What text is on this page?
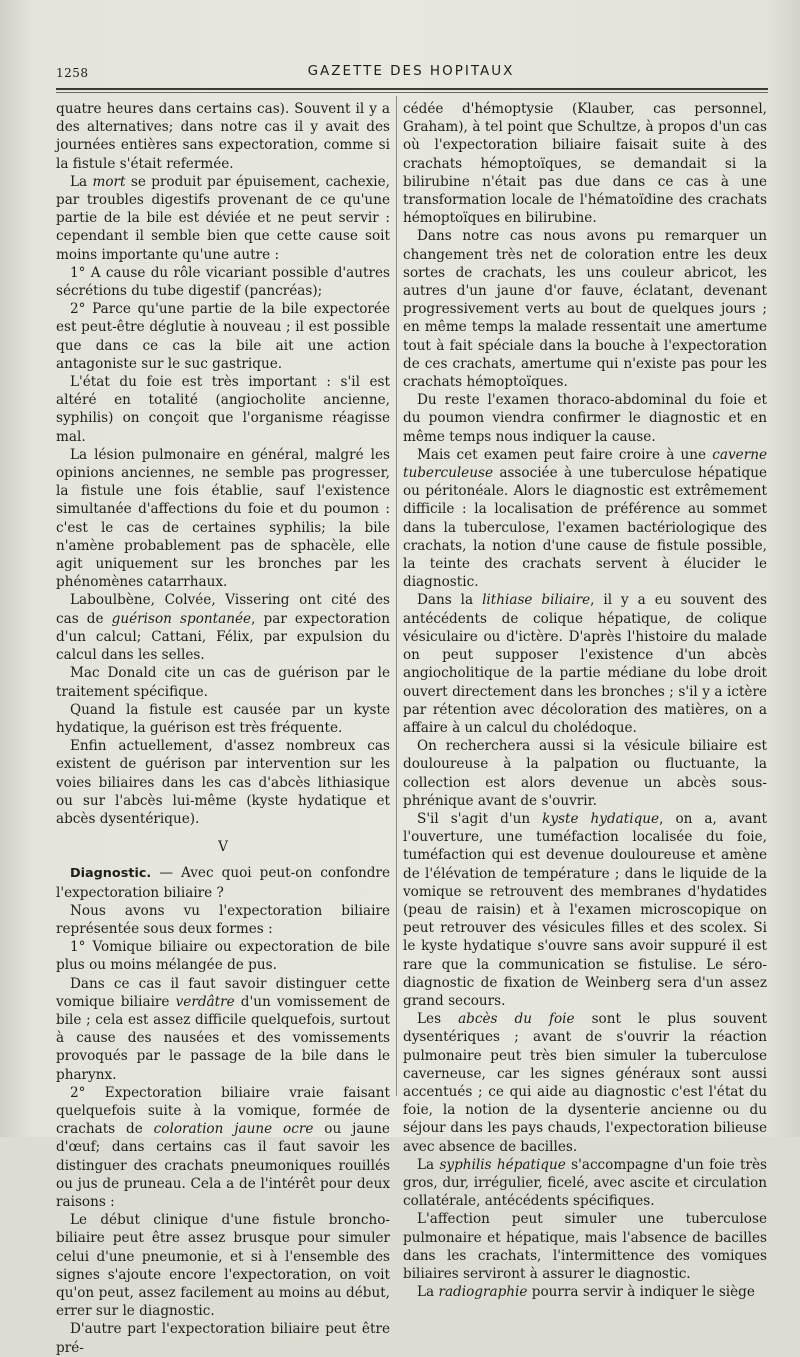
1258	GAZETTE DES HOPITAUX

quatre heures dans certains cas). Souvent il y a des alternatives; dans notre cas il y avait des journées entières sans expectoration, comme si la fistule s'était refermée.

La mort se produit par épuisement, cachexie, par troubles digestifs provenant de ce qu'une partie de la bile est déviée et ne peut servir : cependant il semble bien que cette cause soit moins importante qu'une autre :

1° A cause du rôle vicariant possible d'autres sécrétions du tube digestif (pancréas);

2° Parce qu'une partie de la bile expectorée est peut-être déglutie à nouveau ; il est possible que dans ce cas la bile ait une action antagoniste sur le suc gastrique.

L'état du foie est très important : s'il est altéré en totalité (angiocholite ancienne, syphilis) on conçoit que l'organisme réagisse mal.

La lésion pulmonaire en général, malgré les opinions anciennes, ne semble pas progresser, la fistule une fois établie, sauf l'existence simultanée d'affections du foie et du poumon : c'est le cas de certaines syphilis; la bile n'amène probablement pas de sphacèle, elle agit uniquement sur les bronches par les phénomènes catarrhaux.

Laboulbène, Colvée, Vissering ont cité des cas de guérison spontanée, par expectoration d'un calcul; Cattani, Félix, par expulsion du calcul dans les selles.

Mac Donald cite un cas de guérison par le traitement spécifique.

Quand la fistule est causée par un kyste hydatique, la guérison est très fréquente.

Enfin actuellement, d'assez nombreux cas existent de guérison par intervention sur les voies biliaires dans les cas d'abcès lithiasique ou sur l'abcès lui-même (kyste hydatique et abcès dysentérique).

V

Diagnostic. — Avec quoi peut-on confondre l'expectoration biliaire ?

Nous avons vu l'expectoration biliaire représentée sous deux formes :

1° Vomique biliaire ou expectoration de bile plus ou moins mélangée de pus.

Dans ce cas il faut savoir distinguer cette vomique biliaire verdâtre d'un vomissement de bile ; cela est assez difficile quelquefois, surtout à cause des nausées et des vomissements provoqués par le passage de la bile dans le pharynx.

2° Expectoration biliaire vraie faisant quelquefois suite à la vomique, formée de crachats de coloration jaune ocre ou jaune d'œuf; dans certains cas il faut savoir les distinguer des crachats pneumoniques rouillés ou jus de pruneau. Cela a de l'intérêt pour deux raisons :

Le début clinique d'une fistule broncho-biliaire peut être assez brusque pour simuler celui d'une pneumonie, et si à l'ensemble des signes s'ajoute encore l'expectoration, on voit qu'on peut, assez facilement au moins au début, errer sur le diagnostic.

D'autre part l'expectoration biliaire peut être pré-

cédée d'hémoptysie (Klauber, cas personnel, Graham), à tel point que Schultze, à propos d'un cas où l'expectoration biliaire faisait suite à des crachats hémoptoïques, se demandait si la bilirubine n'était pas due dans ce cas à une transformation locale de l'hématoïdine des crachats hémoptoïques en bilirubine.

Dans notre cas nous avons pu remarquer un changement très net de coloration entre les deux sortes de crachats, les uns couleur abricot, les autres d'un jaune d'or fauve, éclatant, devenant progressivement verts au bout de quelques jours ; en même temps la malade ressentait une amertume tout à fait spéciale dans la bouche à l'expectoration de ces crachats, amertume qui n'existe pas pour les crachats hémoptoïques.

Du reste l'examen thoraco-abdominal du foie et du poumon viendra confirmer le diagnostic et en même temps nous indiquer la cause.

Mais cet examen peut faire croire à une caverne tuberculeuse associée à une tuberculose hépatique ou péritonéale. Alors le diagnostic est extrêmement difficile : la localisation de préférence au sommet dans la tuberculose, l'examen bactériologique des crachats, la notion d'une cause de fistule possible, la teinte des crachats servent à élucider le diagnostic.

Dans la lithiase biliaire, il y a eu souvent des antécédents de colique hépatique, de colique vésiculaire ou d'ictère. D'après l'histoire du malade on peut supposer l'existence d'un abcès angiocholitique de la partie médiane du lobe droit ouvert directement dans les bronches ; s'il y a ictère par rétention avec décoloration des matières, on a affaire à un calcul du cholédoque.

On recherchera aussi si la vésicule biliaire est douloureuse à la palpation ou fluctuante, la collection est alors devenue un abcès sous-phrénique avant de s'ouvrir.

S'il s'agit d'un kyste hydatique, on a, avant l'ouverture, une tuméfaction localisée du foie, tuméfaction qui est devenue douloureuse et amène de l'élévation de température ; dans le liquide de la vomique se retrouvent des membranes d'hydatides (peau de raisin) et à l'examen microscopique on peut retrouver des vésicules filles et des scolex. Si le kyste hydatique s'ouvre sans avoir suppuré il est rare que la communication se fistulise. Le séro-diagnostic de fixation de Weinberg sera d'un assez grand secours.

Les abcès du foie sont le plus souvent dysentériques ; avant de s'ouvrir la réaction pulmonaire peut très bien simuler la tuberculose caverneuse, car les signes généraux sont aussi accentués ; ce qui aide au diagnostic c'est l'état du foie, la notion de la dysenterie ancienne ou du séjour dans les pays chauds, l'expectoration bilieuse avec absence de bacilles.

La syphilis hépatique s'accompagne d'un foie très gros, dur, irrégulier, ficelé, avec ascite et circulation collatérale, antécédents spécifiques.

L'affection peut simuler une tuberculose pulmonaire et hépatique, mais l'absence de bacilles dans les crachats, l'intermittence des vomiques biliaires serviront à assurer le diagnostic.

La radiographie pourra servir à indiquer le siège
